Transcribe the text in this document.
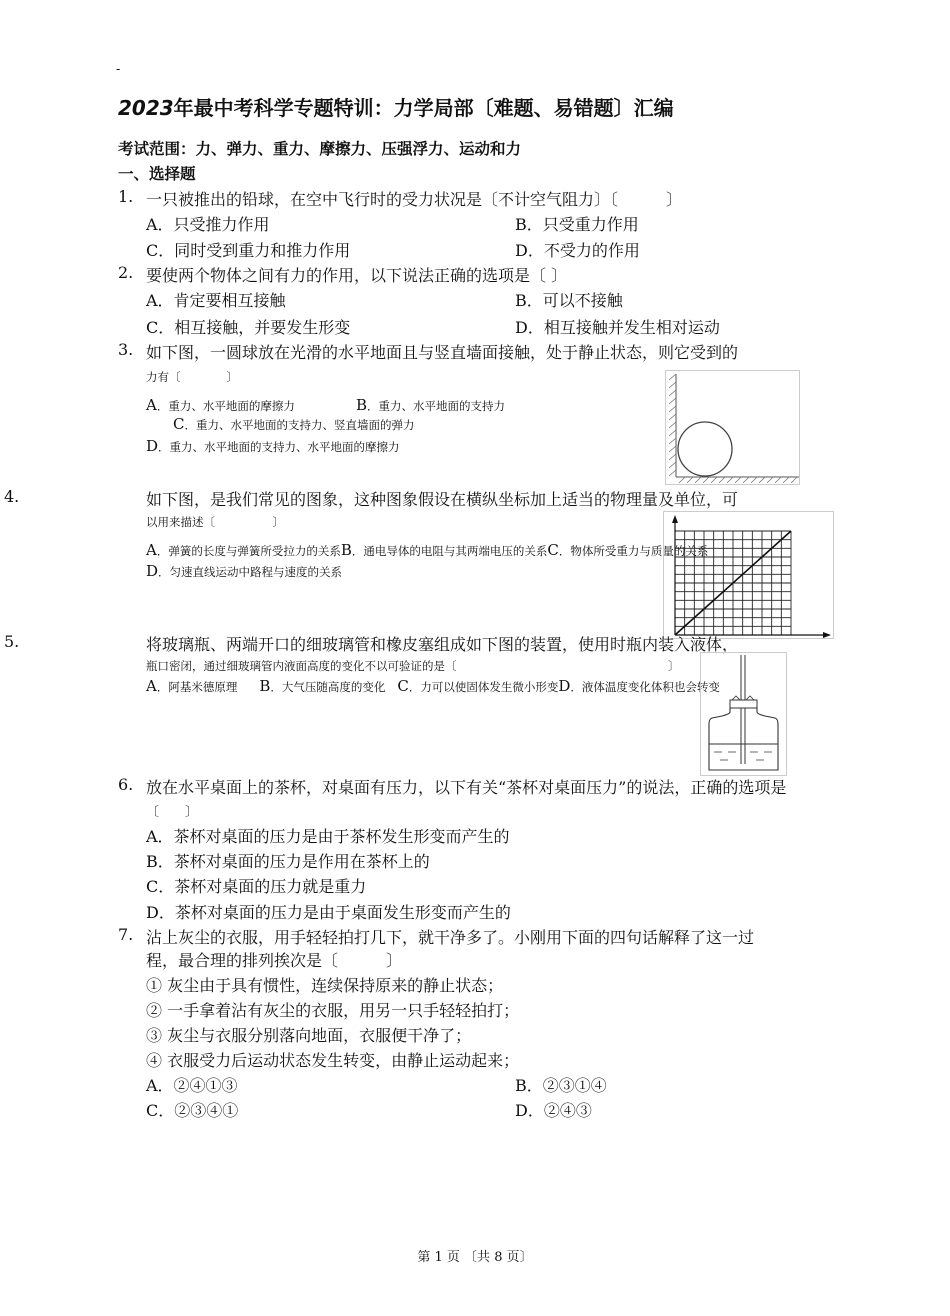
-
2023年最中考科学专题特训：力学局部〔难题、易错题〕汇编
考试范围：力、弹力、重力、摩擦力、压强浮力、运动和力
一、选择题
1. 一只被推出的铅球，在空中飞行时的受力状况是〔不计空气阻力〕〔　　　〕
A．只受推力作用	B．只受重力作用
C．同时受到重力和推力作用	D．不受力的作用
2. 要使两个物体之间有力的作用，以下说法正确的选项是〔 〕
A．肯定要相互接触	B．可以不接触
C．相互接触，并要发生形变	D．相互接触并发生相对运动
3. 如下图，一圆球放在光滑的水平地面且与竖直墙面接触，处于静止状态，则它受到的
力有〔　　　　〕
A．重力、水平地面的摩擦力	B．重力、水平地面的支持力
C．重力、水平地面的支持力、竖直墙面的弹力
D．重力、水平地面的支持力、水平地面的摩擦力
4.	如下图，是我们常见的图象，这种图象假设在横纵坐标加上适当的物理量及单位，可
以用来描述〔　　　　　〕
A．弹簧的长度与弹簧所受拉力的关系B．通电导体的电阻与其两端电压的关系C．物体所受重力与质量的关系
D．匀速直线运动中路程与速度的关系
5.	将玻璃瓶、两端开口的细玻璃管和橡皮塞组成如下图的装置，使用时瓶内装入液体，
瓶口密闭，通过细玻璃管内液面高度的变化不以可验证的是〔	〕
A．阿基米德原理 B．大气压随高度的变化 C．力可以使固体发生微小形变D．液体温度变化体积也会转变
6. 放在水平桌面上的茶杯，对桌面有压力，以下有关“茶杯对桌面压力”的说法，正确的选项是
〔　　〕
A．茶杯对桌面的压力是由于茶杯发生形变而产生的
B．茶杯对桌面的压力是作用在茶杯上的
C．茶杯对桌面的压力就是重力
D．茶杯对桌面的压力是由于桌面发生形变而产生的
7. 沾上灰尘的衣服，用手轻轻拍打几下，就干净多了。小刚用下面的四句话解释了这一过
程，最合理的排列挨次是〔　　　〕
① 灰尘由于具有惯性，连续保持原来的静止状态；
② 一手拿着沾有灰尘的衣服，用另一只手轻轻拍打；
③ 灰尘与衣服分别落向地面，衣服便干净了；
④ 衣服受力后运动状态发生转变，由静止运动起来；
A．②④①③	B．②③①④
C．②③④①	D．②④③
第 1 页 〔共 8 页〕
